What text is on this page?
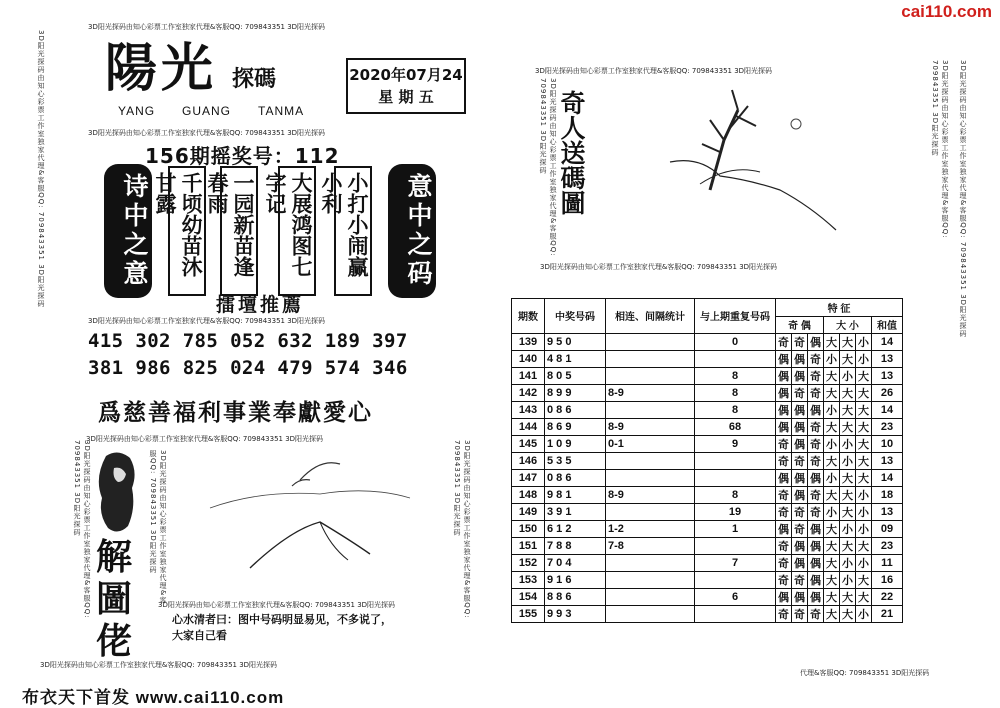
cai110.com
陽光 探碼
YANG GUANG TANMA
2020年07月24
星 期 五
3D阳光探码由知心彩票工作室独家代理&客服QQ: 709843351 3D阳光探码
3D阳光探码由知心彩票工作室独家代理&客服QQ: 709843351 3D阳光探码
3D阳光探码由知心彩票工作室独家代理&客服QQ: 709843351 3D阳光探码	156期摇奖号：112
诗中之意	千顷幼苗沐甘露	一园新苗逢春雨	大展鸿图七字记	小打小闹赢小利	意中之码
擂壇推薦
3D阳光探码由知心彩票工作室独家代理&客服QQ: 709843351 3D阳光探码
415 302 785 052 632 189 397
381 986 825 024 479 574 346
爲慈善福利事業奉獻愛心
3D阳光探码由知心彩票工作室独家代理&客服QQ: 709843351 3D阳光探码
3D阳光探码由知心彩票工作室独家代理&客服QQ: 709843351 3D阳光探码	3D阳光探码由知心彩票工作室独家代理&客服QQ: 709843351 3D阳光探码	3D阳光探码由知心彩票工作室独家代理&客服QQ: 709843351 3D阳光探码
解圖佬
3D阳光探码由知心彩票工作室独家代理&客服QQ: 709843351 3D阳光探码
心水清者曰：图中号码明显易见，不多说了，
大家自己看
3D阳光探码由知心彩票工作室独家代理&客服QQ: 709843351 3D阳光探码
布衣天下首发 www.cai110.com
3D阳光探码由知心彩票工作室独家代理&客服QQ: 709843351 3D阳光探码
3D阳光探码由知心彩票工作室独家代理&客服QQ: 709843351 3D阳光探码	3D阳光探码由知心彩票工作室独家代理&客服QQ: 709843351 3D阳光探码	3D阳光探码由知心彩票工作室独家代理&客服QQ: 709843351 3D阳光探码
奇人送碼圖
3D阳光探码由知心彩票工作室独家代理&客服QQ: 709843351 3D阳光探码
期数	中奖号码	相连、间隔统计	与上期重复号码	特 征						
				奇 偶			大 小			和值
139	9 5 0		0	奇	奇	偶	大	大	小	14
140	4 8 1			偶	偶	奇	小	大	小	13
141	8 0 5		8	偶	偶	奇	大	小	大	13
142	8 9 9	8-9	8	偶	奇	奇	大	大	大	26
143	0 8 6		8	偶	偶	偶	小	大	大	14
144	8 6 9	8-9	68	偶	偶	奇	大	大	大	23
145	1 0 9	0-1	9	奇	偶	奇	小	小	大	10
146	5 3 5			奇	奇	奇	大	小	大	13
147	0 8 6			偶	偶	偶	小	大	大	14
148	9 8 1	8-9	8	奇	偶	奇	大	大	小	18
149	3 9 1		19	奇	奇	奇	小	大	小	13
150	6 1 2	1-2	1	偶	奇	偶	大	小	小	09
151	7 8 8	7-8		奇	偶	偶	大	大	大	23
152	7 0 4		7	奇	偶	偶	大	小	小	11
153	9 1 6			奇	奇	偶	大	小	大	16
154	8 8 6		6	偶	偶	偶	大	大	大	22
155	9 9 3			奇	奇	奇	大	大	小	21
代理&客服QQ: 709843351 3D阳光探码
